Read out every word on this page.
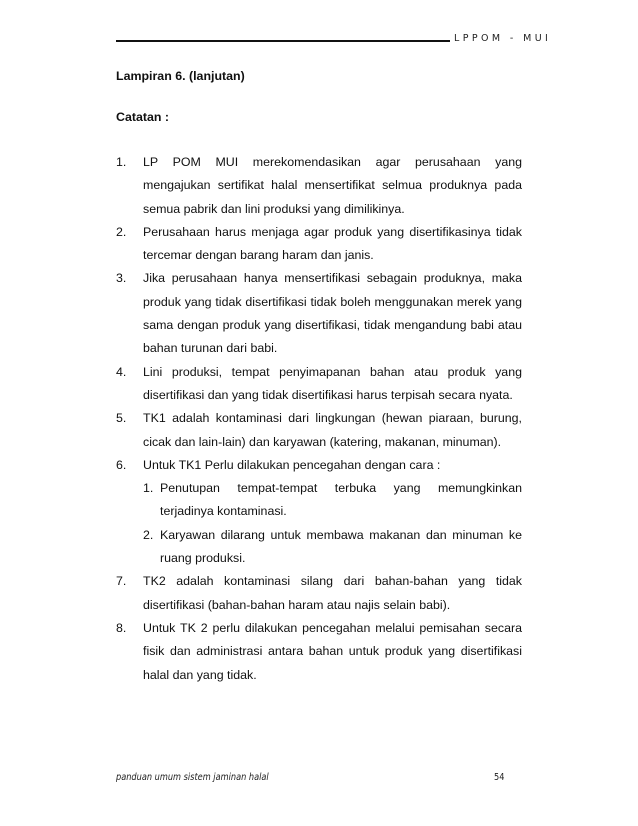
LPPOM - MUI
Lampiran 6. (lanjutan)
Catatan :
1.	LP POM MUI merekomendasikan agar perusahaan yang mengajukan sertifikat halal mensertifikat selmua produknya pada semua pabrik dan lini produksi yang dimilikinya.
2.	Perusahaan harus menjaga agar produk yang disertifikasinya tidak tercemar dengan barang haram dan janis.
3.	Jika perusahaan hanya mensertifikasi sebagain produknya, maka produk yang tidak disertifikasi tidak boleh menggunakan merek yang sama dengan produk yang disertifikasi, tidak mengandung babi atau bahan turunan dari babi.
4.	Lini produksi, tempat penyimapanan bahan atau produk yang disertifikasi dan yang tidak disertifikasi harus terpisah secara nyata.
5.	TK1 adalah kontaminasi dari lingkungan (hewan piaraan, burung, cicak dan lain-lain) dan karyawan (katering, makanan, minuman).
6.	Untuk TK1 Perlu dilakukan pencegahan dengan cara :
1. Penutupan tempat-tempat terbuka yang memungkinkan terjadinya kontaminasi.
2. Karyawan dilarang untuk membawa makanan dan minuman ke ruang produksi.
7.	TK2 adalah kontaminasi silang dari bahan-bahan yang tidak disertifikasi (bahan-bahan haram atau najis selain babi).
8.	Untuk TK 2 perlu dilakukan pencegahan melalui pemisahan secara fisik dan administrasi antara bahan untuk produk yang disertifikasi halal dan yang tidak.
panduan umum sistem jaminan halal	54
